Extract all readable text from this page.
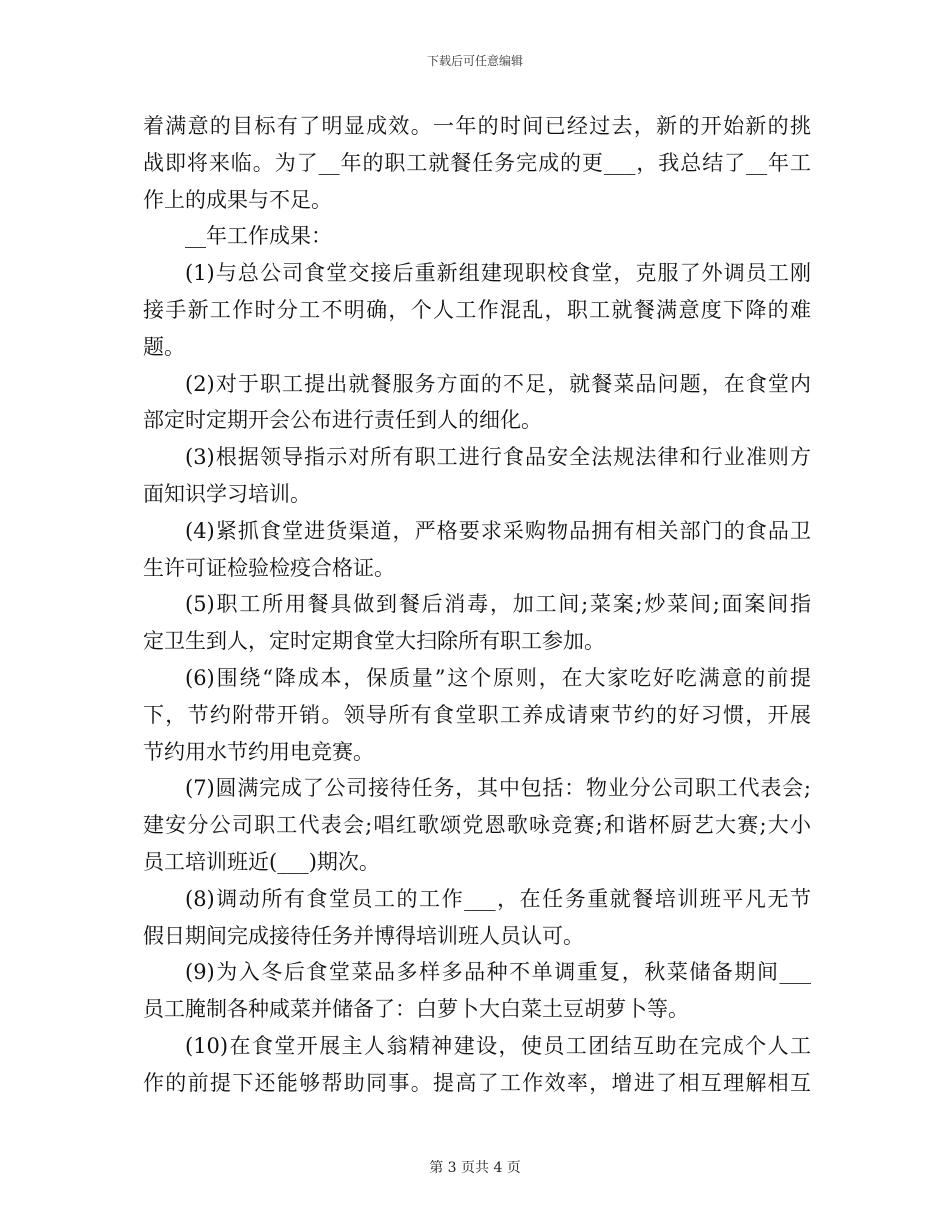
下载后可任意编辑
着满意的目标有了明显成效。一年的时间已经过去，新的开始新的挑
战即将来临。为了__年的职工就餐任务完成的更___，我总结了__年工
作上的成果与不足。
__年工作成果：
(1)与总公司食堂交接后重新组建现职校食堂，克服了外调员工刚
接手新工作时分工不明确，个人工作混乱，职工就餐满意度下降的难
题。
(2)对于职工提出就餐服务方面的不足，就餐菜品问题，在食堂内
部定时定期开会公布进行责任到人的细化。
(3)根据领导指示对所有职工进行食品安全法规法律和行业准则方
面知识学习培训。
(4)紧抓食堂进货渠道，严格要求采购物品拥有相关部门的食品卫
生许可证检验检疫合格证。
(5)职工所用餐具做到餐后消毒，加工间;菜案;炒菜间;面案间指
定卫生到人，定时定期食堂大扫除所有职工参加。
(6)围绕“降成本，保质量”这个原则，在大家吃好吃满意的前提
下，节约附带开销。领导所有食堂职工养成请柬节约的好习惯，开展
节约用水节约用电竞赛。
(7)圆满完成了公司接待任务，其中包括：物业分公司职工代表会;
建安分公司职工代表会;唱红歌颂党恩歌咏竞赛;和谐杯厨艺大赛;大小
员工培训班近(___)期次。
(8)调动所有食堂员工的工作___，在任务重就餐培训班平凡无节
假日期间完成接待任务并博得培训班人员认可。
(9)为入冬后食堂菜品多样多品种不单调重复，秋菜储备期间___
员工腌制各种咸菜并储备了：白萝卜大白菜土豆胡萝卜等。
(10)在食堂开展主人翁精神建设，使员工团结互助在完成个人工
作的前提下还能够帮助同事。提高了工作效率，增进了相互理解相互
第 3 页共 4 页
